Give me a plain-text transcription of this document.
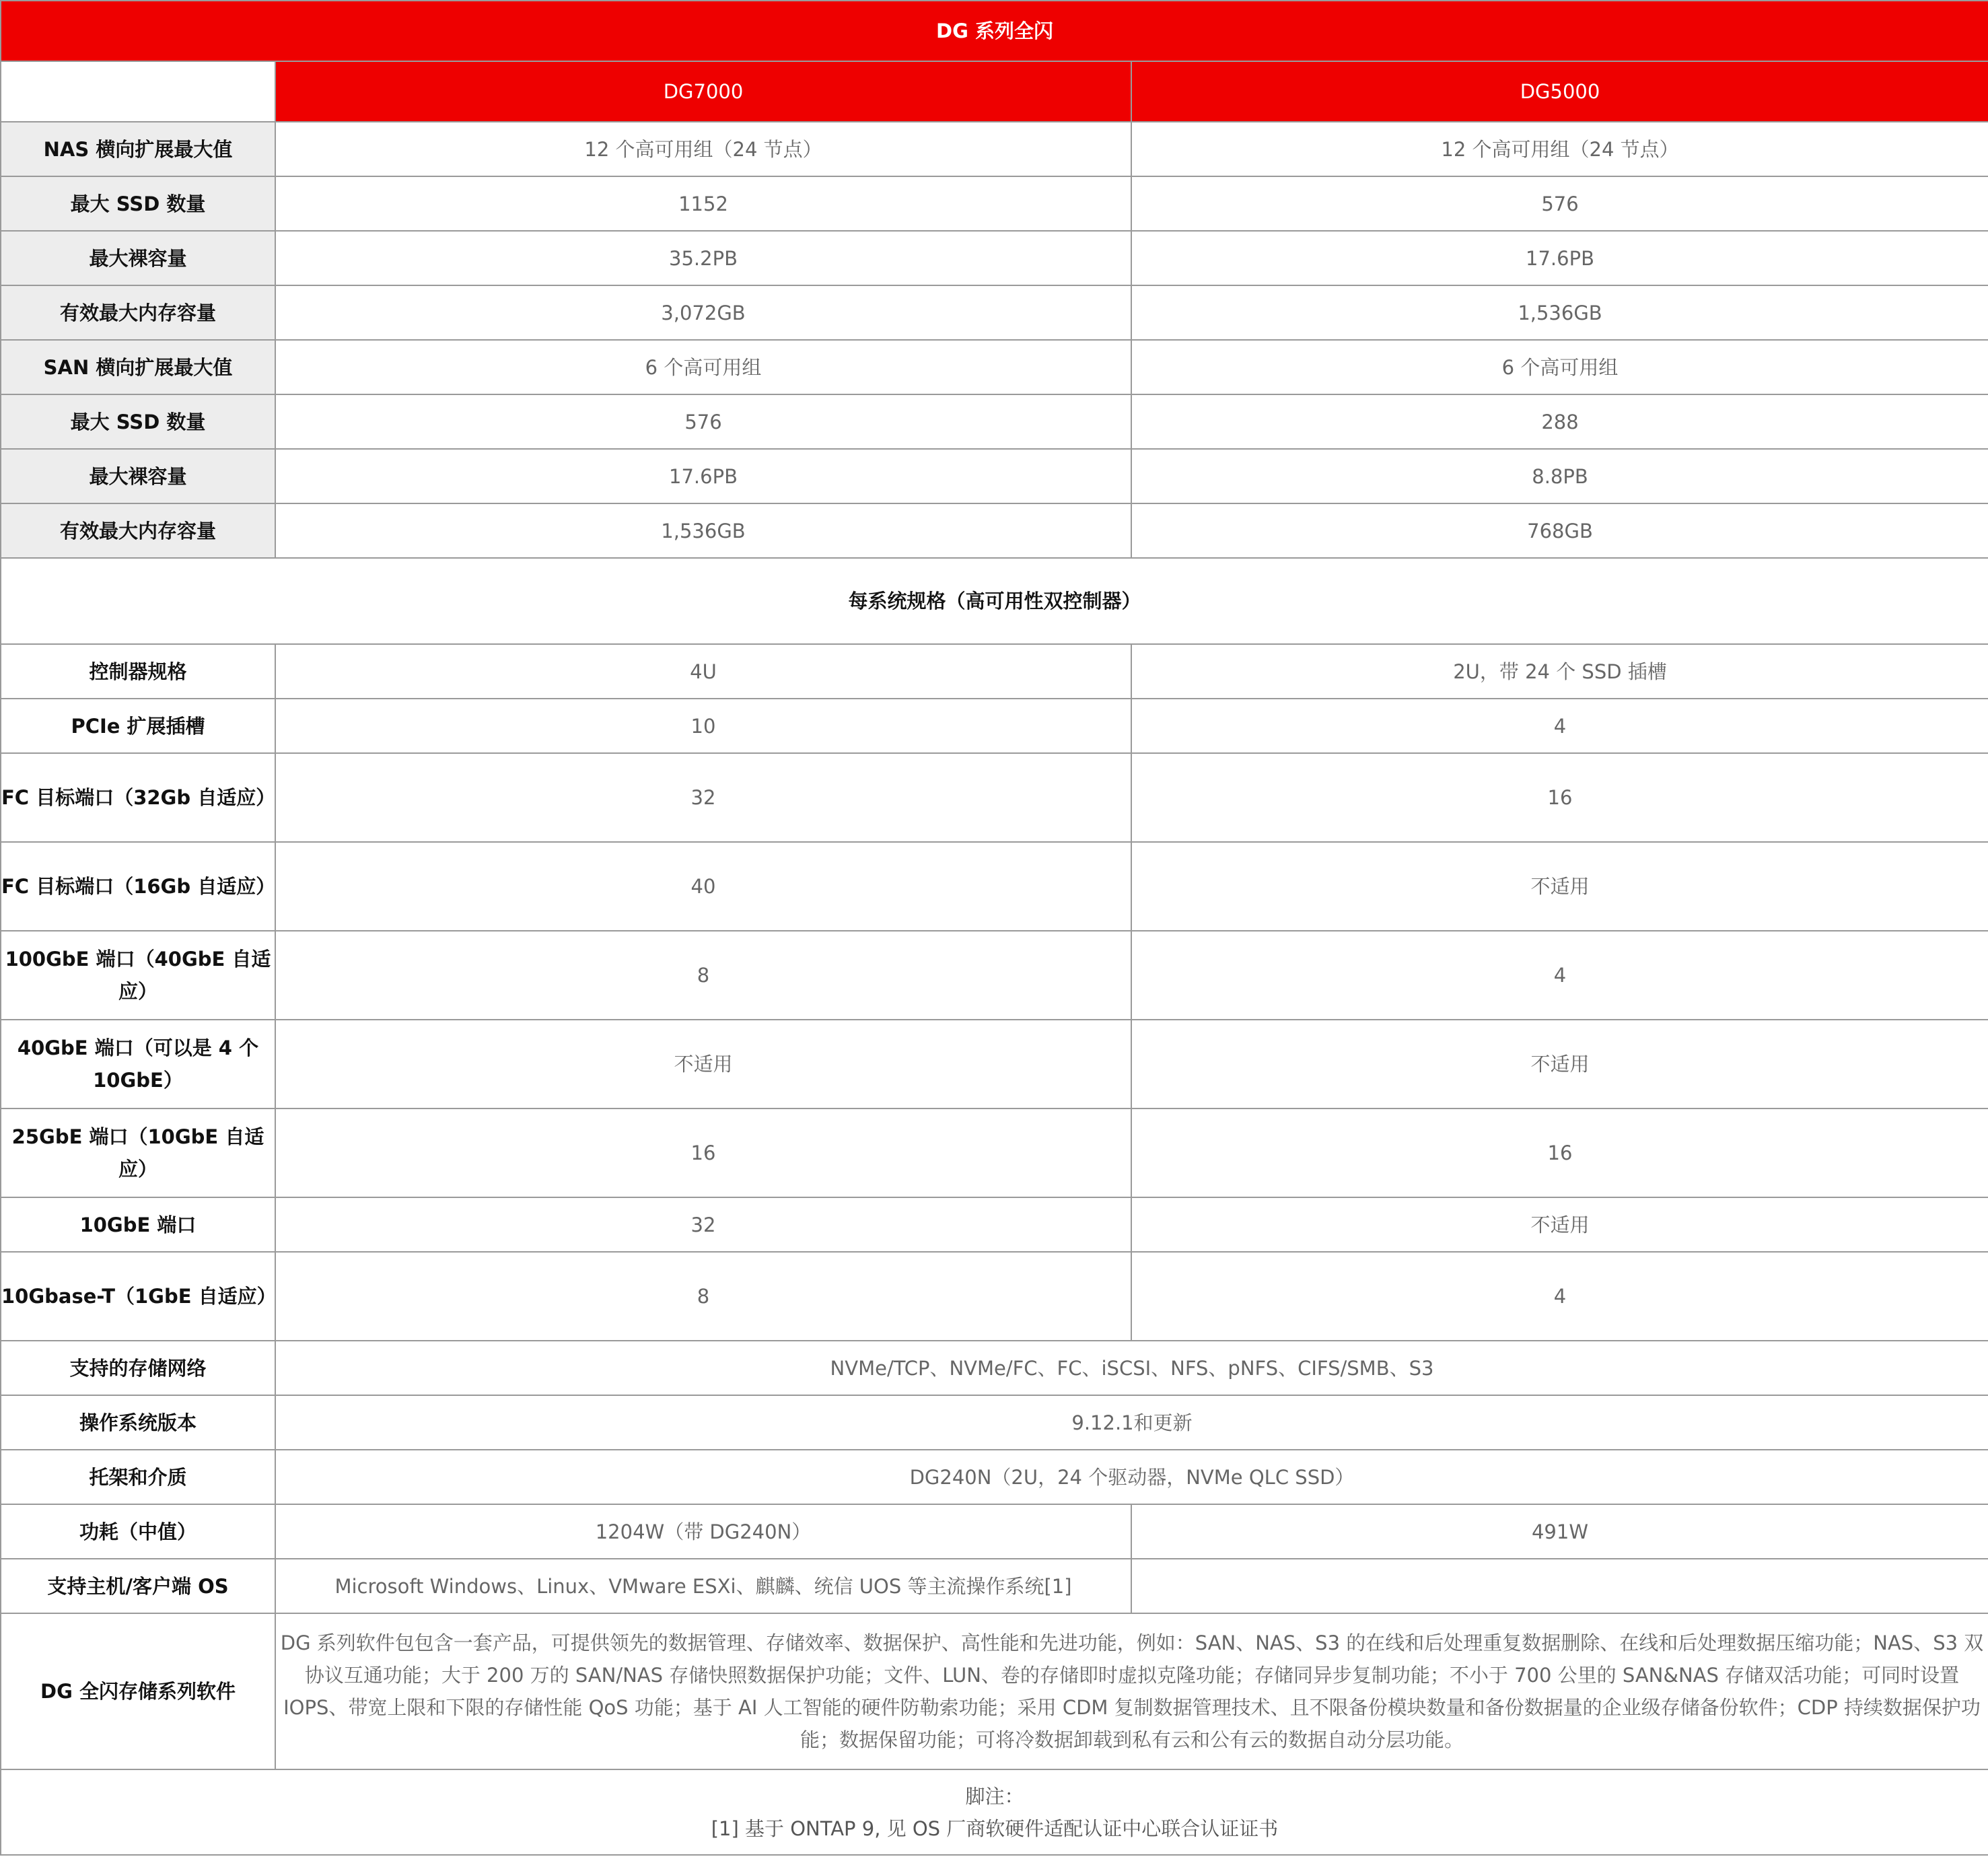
DG 系列全闪		
	DG7000	DG5000
NAS 横向扩展最大值	12 个高可用组（24 节点）	12 个高可用组（24 节点）
最大 SSD 数量	1152	576
最大裸容量	35.2PB	17.6PB
有效最大内存容量	3,072GB	1,536GB
SAN 横向扩展最大值	6 个高可用组	6 个高可用组
最大 SSD 数量	576	288
最大裸容量	17.6PB	8.8PB
有效最大内存容量	1,536GB	768GB
每系统规格（高可用性双控制器）		
控制器规格	4U	2U，带 24 个 SSD 插槽
PCIe 扩展插槽	10	4
FC 目标端口（32Gb 自适应）	32	16
FC 目标端口（16Gb 自适应）	40	不适用
100GbE 端口（40GbE 自适应）	8	4
40GbE 端口（可以是 4 个 10GbE）	不适用	不适用
25GbE 端口（10GbE 自适应）	16	16
10GbE 端口	32	不适用
10Gbase-T（1GbE 自适应）	8	4
支持的存储网络	NVMe/TCP、NVMe/FC、FC、iSCSI、NFS、pNFS、CIFS/SMB、S3	
操作系统版本	9.12.1和更新	
托架和介质	DG240N（2U，24 个驱动器，NVMe QLC SSD）	
功耗（中值）	1204W（带 DG240N）	491W
支持主机/客户端 OS	Microsoft Windows、Linux、VMware ESXi、麒麟、统信 UOS 等主流操作系统[1]	
DG 全闪存储系列软件	DG 系列软件包包含一套产品，可提供领先的数据管理、存储效率、数据保护、高性能和先进功能，例如：SAN、NAS、S3 的在线和后处理重复数据删除、在线和后处理数据压缩功能；NAS、S3 双协议互通功能；大于 200 万的 SAN/NAS 存储快照数据保护功能；文件、LUN、卷的存储即时虚拟克隆功能；存储同异步复制功能；不小于 700 公里的 SAN&NAS 存储双活功能；可同时设置 IOPS、带宽上限和下限的存储性能 QoS 功能；基于 AI 人工智能的硬件防勒索功能；采用 CDM 复制数据管理技术、且不限备份模块数量和备份数据量的企业级存储备份软件；CDP 持续数据保护功能；数据保留功能；可将冷数据卸载到私有云和公有云的数据自动分层功能。	

脚注：
[1] 基于 ONTAP 9, 见 OS 厂商软硬件适配认证中心联合认证证书		
